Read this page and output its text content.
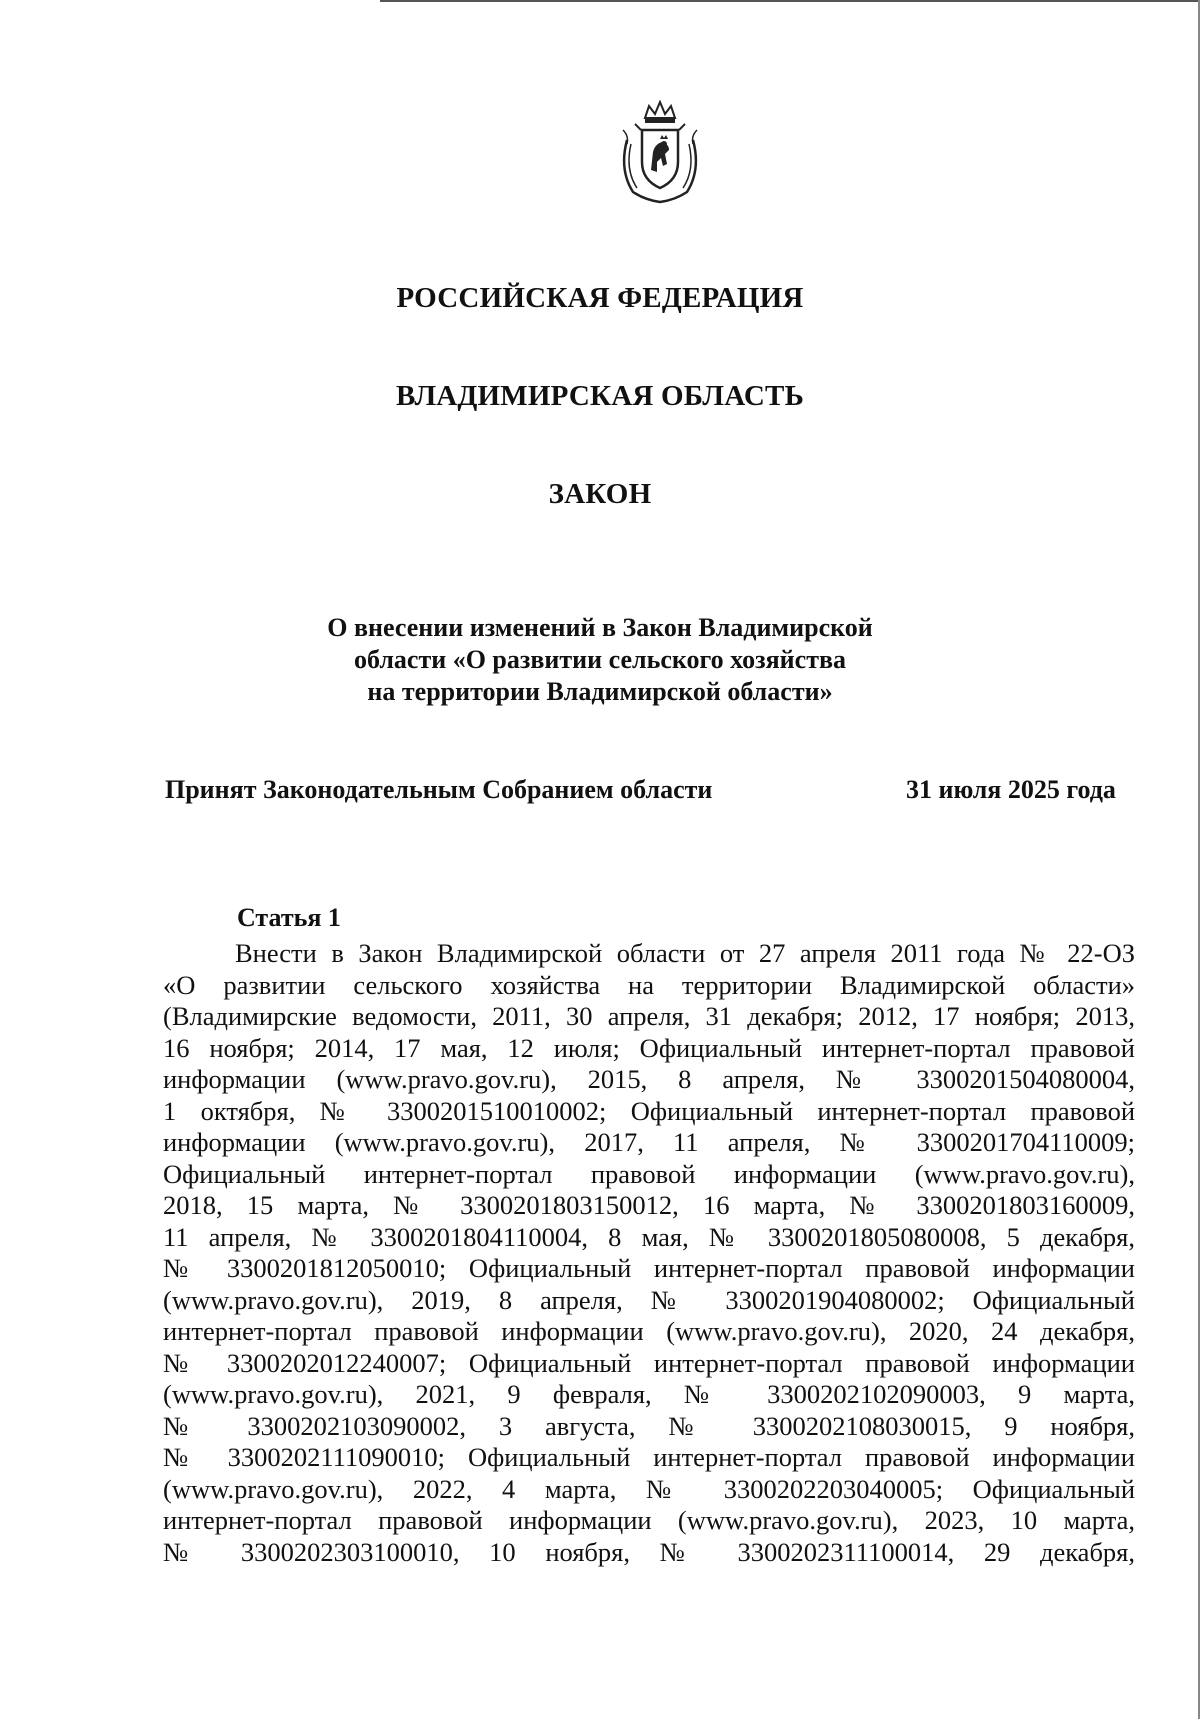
РОССИЙСКАЯ ФЕДЕРАЦИЯ
ВЛАДИМИРСКАЯ ОБЛАСТЬ
ЗАКОН
О внесении изменений в Закон Владимирской
области «О развитии сельского хозяйства
на территории Владимирской области»
Принят Законодательным Собранием области	31 июля 2025 года
Статья 1
Внести в Закон Владимирской области от 27 апреля 2011 года № 22-ОЗ
«О развитии сельского хозяйства на территории Владимирской области»
(Владимирские ведомости, 2011, 30 апреля, 31 декабря; 2012, 17 ноября; 2013,
16 ноября; 2014, 17 мая, 12 июля; Официальный интернет-портал правовой
информации (www.pravo.gov.ru), 2015, 8 апреля, № 3300201504080004,
1 октября, № 3300201510010002; Официальный интернет-портал правовой
информации (www.pravo.gov.ru), 2017, 11 апреля, № 3300201704110009;
Официальный интернет-портал правовой информации (www.pravo.gov.ru),
2018, 15 марта, № 3300201803150012, 16 марта, № 3300201803160009,
11 апреля, № 3300201804110004, 8 мая, № 3300201805080008, 5 декабря,
№ 3300201812050010; Официальный интернет-портал правовой информации
(www.pravo.gov.ru), 2019, 8 апреля, № 3300201904080002; Официальный
интернет-портал правовой информации (www.pravo.gov.ru), 2020, 24 декабря,
№ 3300202012240007; Официальный интернет-портал правовой информации
(www.pravo.gov.ru), 2021, 9 февраля, № 3300202102090003, 9 марта,
№ 3300202103090002, 3 августа, № 3300202108030015, 9 ноября,
№ 3300202111090010; Официальный интернет-портал правовой информации
(www.pravo.gov.ru), 2022, 4 марта, № 3300202203040005; Официальный
интернет-портал правовой информации (www.pravo.gov.ru), 2023, 10 марта,
№ 3300202303100010, 10 ноября, № 3300202311100014, 29 декабря,
